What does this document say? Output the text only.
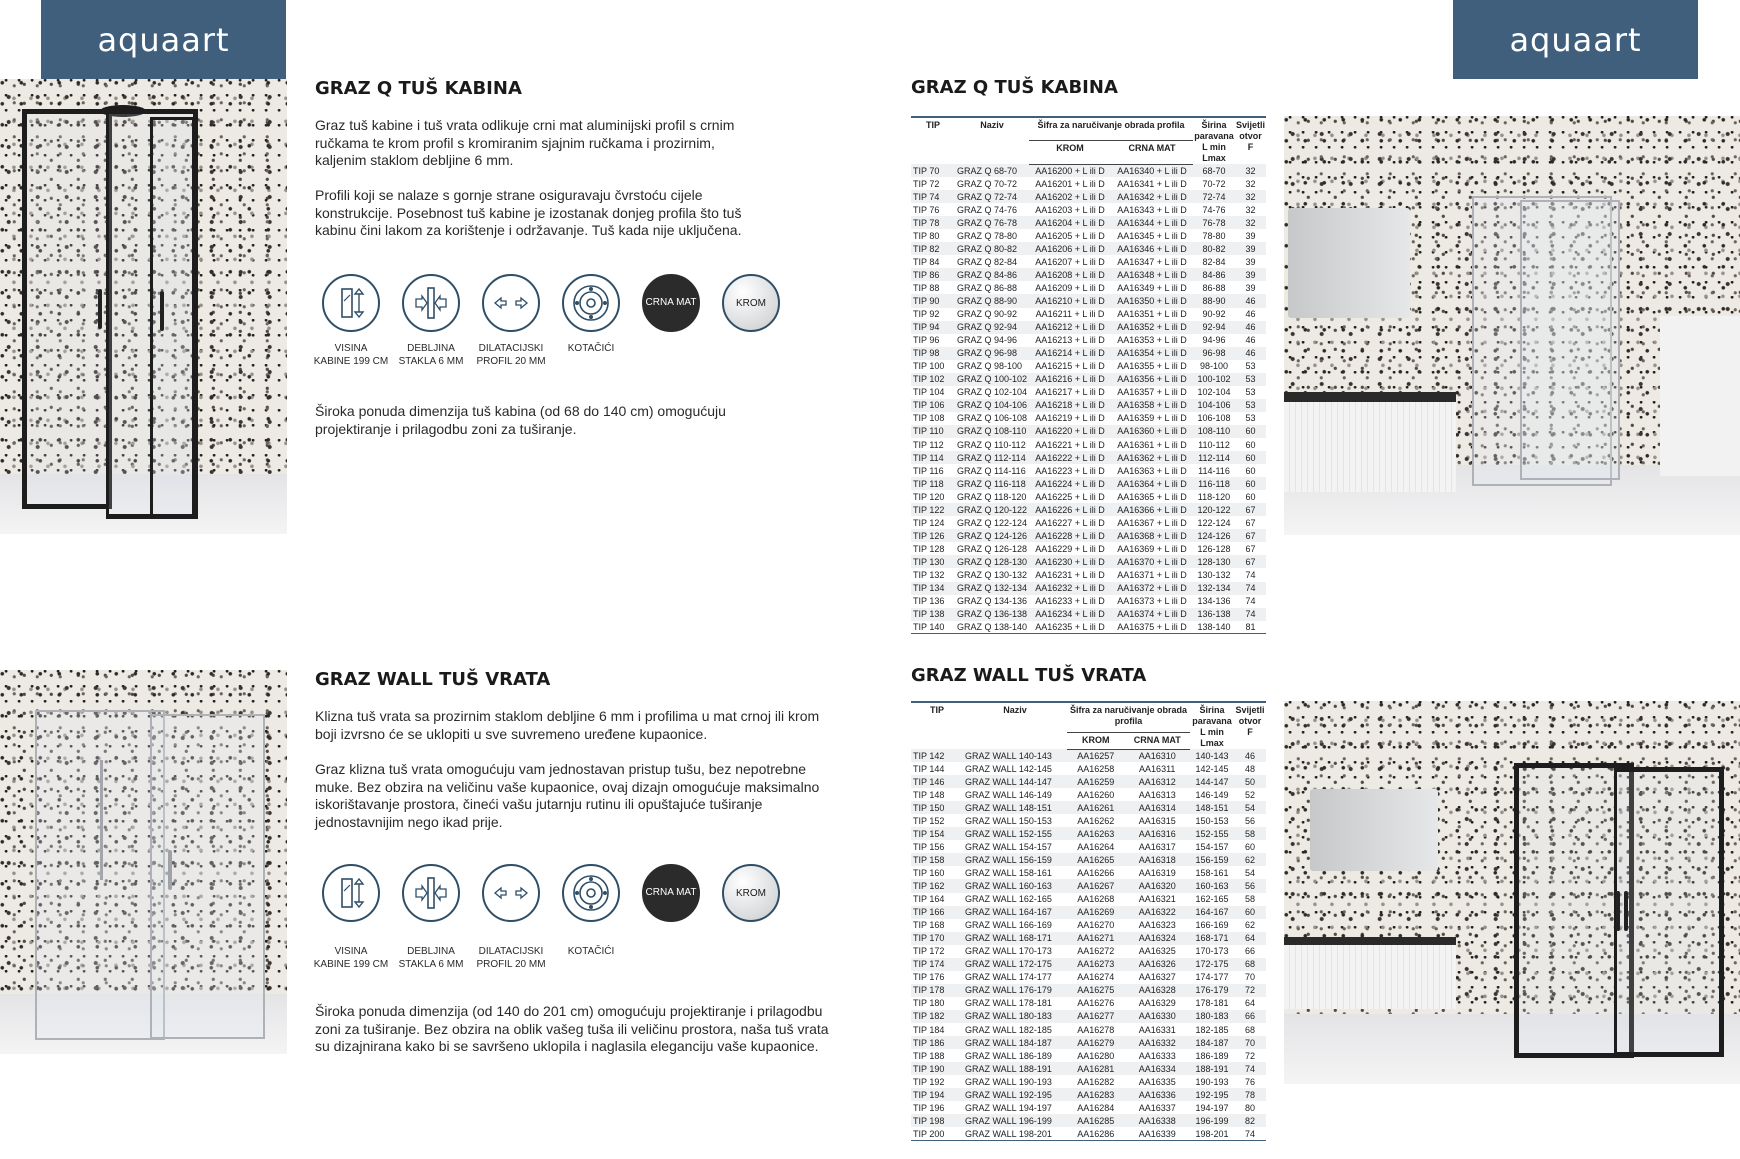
aquaart	aquaart
GRAZ Q TUŠ KABINA
Graz tuš kabine i tuš vrata odlikuje crni mat aluminijski profil s crnim ručkama te krom profil s kromiranim sjajnim ručkama i prozirnim, kaljenim staklom debljine 6 mm.
Profili koji se nalaze s gornje strane osiguravaju čvrstoću cijele konstrukcije. Posebnost tuš kabine je izostanak donjeg profila što tuš kabinu čini lakom za korištenje i održavanje. Tuš kada nije uključena.
Široka ponuda dimenzija tuš kabina (od 68 do 140 cm) omogućuju projektiranje i prilagodbu zoni za tuširanje.
CRNA MAT	KROM
VISINA
KABINE 199 CM
DEBLJINA
STAKLA 6 MM
DILATACIJSKI
PROFIL 20 MM
KOTAČIĆI
GRAZ WALL TUŠ VRATA
Klizna tuš vrata sa prozirnim staklom debljine 6 mm i profilima u mat crnoj ili krom boji izvrsno će se uklopiti u sve suvremeno uređene kupaonice.
Graz klizna tuš vrata omogućuju vam jednostavan pristup tušu, bez nepotrebne muke. Bez obzira na veličinu vaše kupaonice, ovaj dizajn omogućuje maksimalno iskorištavanje prostora, čineći vašu jutarnju rutinu ili opuštajuće tuširanje jednostavnijim nego ikad prije.
Široka ponuda dimenzija (od 140 do 201 cm) omogućuju projektiranje i prilagodbu zoni za tuširanje. Bez obzira na oblik vašeg tuša ili veličinu prostora, naša tuš vrata su dizajnirana kako bi se savršeno uklopila i naglasila eleganciju vaše kupaonice.
CRNA MAT	KROM
VISINA
KABINE 199 CM
DEBLJINA
STAKLA 6 MM
DILATACIJSKI
PROFIL 20 MM
KOTAČIĆI
GRAZ Q TUŠ KABINA
GRAZ WALL TUŠ VRATA
TIP	Naziv	Šifra za naručivanje obrada profila		Širina paravana L min Lmax	Svijetli otvor F
		KROM	CRNA MAT		
TIP 70	GRAZ Q 68-70	AA16200 + L ili D	AA16340 + L ili D	68-70	32
TIP 72	GRAZ Q 70-72	AA16201 + L ili D	AA16341 + L ili D	70-72	32
TIP 74	GRAZ Q 72-74	AA16202 + L ili D	AA16342 + L ili D	72-74	32
TIP 76	GRAZ Q 74-76	AA16203 + L ili D	AA16343 + L ili D	74-76	32
TIP 78	GRAZ Q 76-78	AA16204 + L ili D	AA16344 + L ili D	76-78	32
TIP 80	GRAZ Q 78-80	AA16205 + L ili D	AA16345 + L ili D	78-80	39
TIP 82	GRAZ Q 80-82	AA16206 + L ili D	AA16346 + L ili D	80-82	39
TIP 84	GRAZ Q 82-84	AA16207 + L ili D	AA16347 + L ili D	82-84	39
TIP 86	GRAZ Q 84-86	AA16208 + L ili D	AA16348 + L ili D	84-86	39
TIP 88	GRAZ Q 86-88	AA16209 + L ili D	AA16349 + L ili D	86-88	39
TIP 90	GRAZ Q 88-90	AA16210 + L ili D	AA16350 + L ili D	88-90	46
TIP 92	GRAZ Q 90-92	AA16211 + L ili D	AA16351 + L ili D	90-92	46
TIP 94	GRAZ Q 92-94	AA16212 + L ili D	AA16352 + L ili D	92-94	46
TIP 96	GRAZ Q 94-96	AA16213 + L ili D	AA16353 + L ili D	94-96	46
TIP 98	GRAZ Q 96-98	AA16214 + L ili D	AA16354 + L ili D	96-98	46
TIP 100	GRAZ Q 98-100	AA16215 + L ili D	AA16355 + L ili D	98-100	53
TIP 102	GRAZ Q 100-102	AA16216 + L ili D	AA16356 + L ili D	100-102	53
TIP 104	GRAZ Q 102-104	AA16217 + L ili D	AA16357 + L ili D	102-104	53
TIP 106	GRAZ Q 104-106	AA16218 + L ili D	AA16358 + L ili D	104-106	53
TIP 108	GRAZ Q 106-108	AA16219 + L ili D	AA16359 + L ili D	106-108	53
TIP 110	GRAZ Q 108-110	AA16220 + L ili D	AA16360 + L ili D	108-110	60
TIP 112	GRAZ Q 110-112	AA16221 + L ili D	AA16361 + L ili D	110-112	60
TIP 114	GRAZ Q 112-114	AA16222 + L ili D	AA16362 + L ili D	112-114	60
TIP 116	GRAZ Q 114-116	AA16223 + L ili D	AA16363 + L ili D	114-116	60
TIP 118	GRAZ Q 116-118	AA16224 + L ili D	AA16364 + L ili D	116-118	60
TIP 120	GRAZ Q 118-120	AA16225 + L ili D	AA16365 + L ili D	118-120	60
TIP 122	GRAZ Q 120-122	AA16226 + L ili D	AA16366 + L ili D	120-122	67
TIP 124	GRAZ Q 122-124	AA16227 + L ili D	AA16367 + L ili D	122-124	67
TIP 126	GRAZ Q 124-126	AA16228 + L ili D	AA16368 + L ili D	124-126	67
TIP 128	GRAZ Q 126-128	AA16229 + L ili D	AA16369 + L ili D	126-128	67
TIP 130	GRAZ Q 128-130	AA16230 + L ili D	AA16370 + L ili D	128-130	67
TIP 132	GRAZ Q 130-132	AA16231 + L ili D	AA16371 + L ili D	130-132	74
TIP 134	GRAZ Q 132-134	AA16232 + L ili D	AA16372 + L ili D	132-134	74
TIP 136	GRAZ Q 134-136	AA16233 + L ili D	AA16373 + L ili D	134-136	74
TIP 138	GRAZ Q 136-138	AA16234 + L ili D	AA16374 + L ili D	136-138	74
TIP 140	GRAZ Q 138-140	AA16235 + L ili D	AA16375 + L ili D	138-140	81
TIP	Naziv	Šifra za naručivanje obrada profila		Širina paravana L min Lmax	Svijetli otvor F
		KROM	CRNA MAT		
TIP 142	GRAZ WALL 140-143	AA16257	AA16310	140-143	46
TIP 144	GRAZ WALL 142-145	AA16258	AA16311	142-145	48
TIP 146	GRAZ WALL 144-147	AA16259	AA16312	144-147	50
TIP 148	GRAZ WALL 146-149	AA16260	AA16313	146-149	52
TIP 150	GRAZ WALL 148-151	AA16261	AA16314	148-151	54
TIP 152	GRAZ WALL 150-153	AA16262	AA16315	150-153	56
TIP 154	GRAZ WALL 152-155	AA16263	AA16316	152-155	58
TIP 156	GRAZ WALL 154-157	AA16264	AA16317	154-157	60
TIP 158	GRAZ WALL 156-159	AA16265	AA16318	156-159	62
TIP 160	GRAZ WALL 158-161	AA16266	AA16319	158-161	54
TIP 162	GRAZ WALL 160-163	AA16267	AA16320	160-163	56
TIP 164	GRAZ WALL 162-165	AA16268	AA16321	162-165	58
TIP 166	GRAZ WALL 164-167	AA16269	AA16322	164-167	60
TIP 168	GRAZ WALL 166-169	AA16270	AA16323	166-169	62
TIP 170	GRAZ WALL 168-171	AA16271	AA16324	168-171	64
TIP 172	GRAZ WALL 170-173	AA16272	AA16325	170-173	66
TIP 174	GRAZ WALL 172-175	AA16273	AA16326	172-175	68
TIP 176	GRAZ WALL 174-177	AA16274	AA16327	174-177	70
TIP 178	GRAZ WALL 176-179	AA16275	AA16328	176-179	72
TIP 180	GRAZ WALL 178-181	AA16276	AA16329	178-181	64
TIP 182	GRAZ WALL 180-183	AA16277	AA16330	180-183	66
TIP 184	GRAZ WALL 182-185	AA16278	AA16331	182-185	68
TIP 186	GRAZ WALL 184-187	AA16279	AA16332	184-187	70
TIP 188	GRAZ WALL 186-189	AA16280	AA16333	186-189	72
TIP 190	GRAZ WALL 188-191	AA16281	AA16334	188-191	74
TIP 192	GRAZ WALL 190-193	AA16282	AA16335	190-193	76
TIP 194	GRAZ WALL 192-195	AA16283	AA16336	192-195	78
TIP 196	GRAZ WALL 194-197	AA16284	AA16337	194-197	80
TIP 198	GRAZ WALL 196-199	AA16285	AA16338	196-199	82
TIP 200	GRAZ WALL 198-201	AA16286	AA16339	198-201	74
